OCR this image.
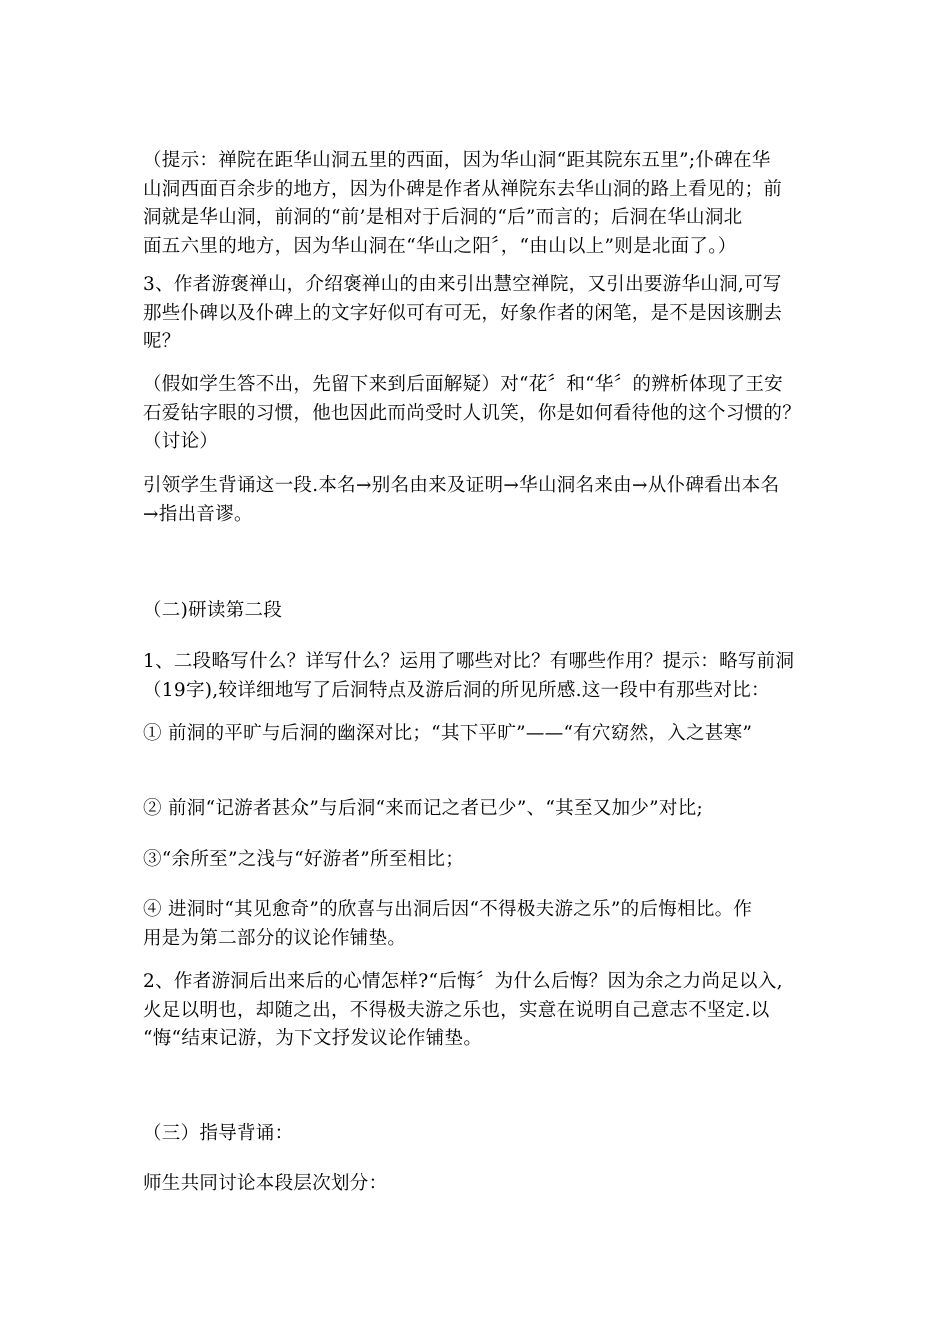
（提示：禅院在距华山洞五里的西面，因为华山洞“距其院东五里”;仆碑在华
山洞西面百余步的地方，因为仆碑是作者从禅院东去华山洞的路上看见的；前
洞就是华山洞，前洞的“前’是相对于后洞的“后”而言的；后洞在华山洞北
面五六里的地方，因为华山洞在“华山之阳〞，“由山以上”则是北面了。）

3、作者游褒禅山，介绍褒禅山的由来引出慧空禅院，又引出要游华山洞,可写
那些仆碑以及仆碑上的文字好似可有可无，好象作者的闲笔，是不是因该删去
呢？

（假如学生答不出，先留下来到后面解疑）对“花〞和“华〞的辨析体现了王安
石爱钻字眼的习惯，他也因此而尚受时人讥笑，你是如何看待他的这个习惯的？
（讨论）

引领学生背诵这一段.本名→别名由来及证明→华山洞名来由→从仆碑看出本名
→指出音谬。

（二)研读第二段

1、二段略写什么？详写什么？运用了哪些对比？有哪些作用？提示：略写前洞
（19字),较详细地写了后洞特点及游后洞的所见所感.这一段中有那些对比：

① 前洞的平旷与后洞的幽深对比；“其下平旷”——“有穴窈然，入之甚寒”

② 前洞“记游者甚众”与后洞“来而记之者已少”、“其至又加少”对比;

③“余所至”之浅与“好游者”所至相比；

④ 进洞时“其见愈奇”的欣喜与出洞后因“不得极夫游之乐”的后悔相比。作
用是为第二部分的议论作铺垫。

2、作者游洞后出来后的心情怎样?“后悔〞为什么后悔？因为余之力尚足以入,
火足以明也，却随之出，不得极夫游之乐也，实意在说明自己意志不坚定.以
“悔“结束记游，为下文抒发议论作铺垫。

（三）指导背诵：

师生共同讨论本段层次划分：
